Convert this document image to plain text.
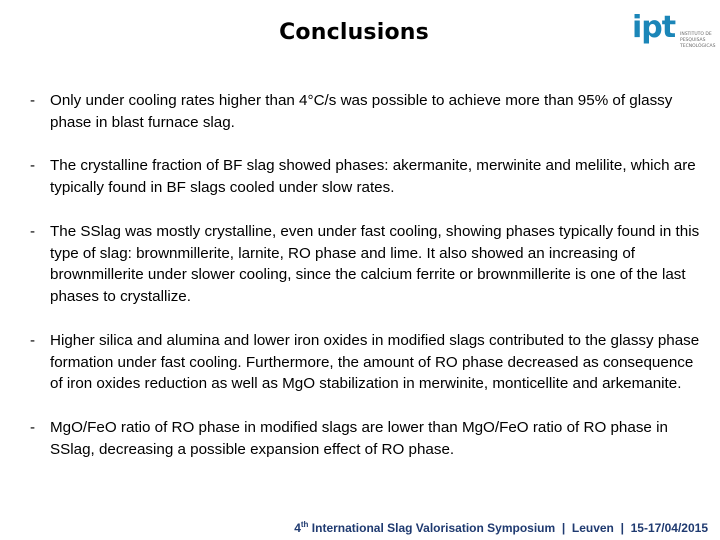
Conclusions	ipt INSTITUTO DE
PESQUISAS
TECNOLÓGICAS
- Only under cooling rates higher than 4°C/s was possible to achieve more than 95% of glassy phase in blast furnace slag.
- The crystalline fraction of BF slag showed phases: akermanite, merwinite and melilite, which are typically found in BF slags cooled under slow rates.
- The SSlag was mostly crystalline, even under fast cooling, showing phases typically found in this type of slag: brownmillerite, larnite, RO phase and lime. It also showed an increasing of brownmillerite under slower cooling, since the calcium ferrite or brownmillerite is one of the last phases to crystallize.
- Higher silica and alumina and lower iron oxides in modified slags contributed to the glassy phase formation under fast cooling. Furthermore, the amount of RO phase decreased as consequence of iron oxides reduction as well as MgO stabilization in merwinite, monticellite and arkemanite.
- MgO/FeO ratio of RO phase in modified slags are lower than MgO/FeO ratio of RO phase in SSlag, decreasing a possible expansion effect of RO phase.
4th International Slag Valorisation Symposium | Leuven | 15-17/04/2015
